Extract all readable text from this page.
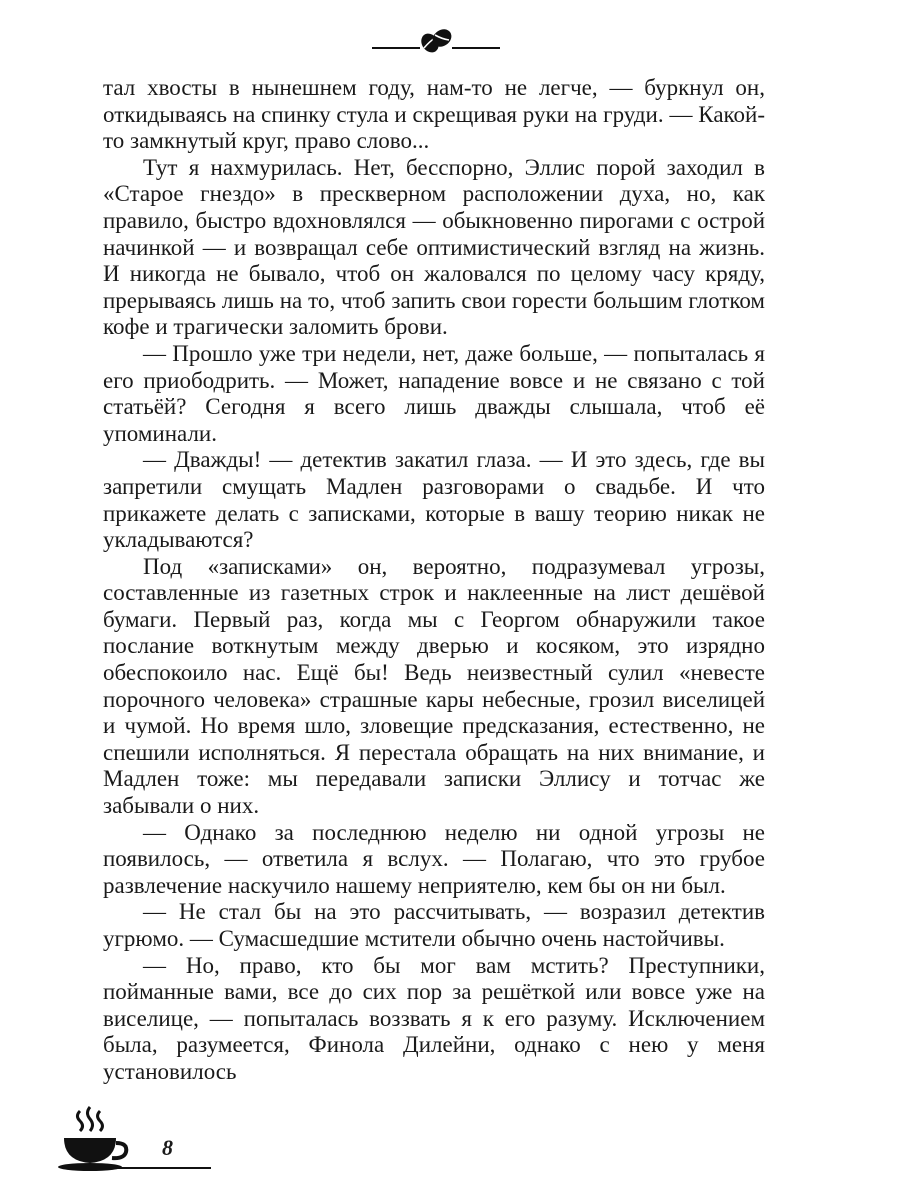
тал хвосты в нынешнем году, нам-то не легче, — буркнул он, откидываясь на спинку стула и скрещивая руки на груди. — Какой-то замкнутый круг, право слово...

Тут я нахмурилась. Нет, бесспорно, Эллис порой заходил в «Старое гнездо» в прескверном расположении духа, но, как правило, быстро вдохновлялся — обыкновенно пирогами с острой начинкой — и возвращал себе оптимистический взгляд на жизнь. И никогда не бывало, чтоб он жаловался по целому часу кряду, прерываясь лишь на то, чтоб запить свои горести большим глотком кофе и трагически заломить брови.

— Прошло уже три недели, нет, даже больше, — попыталась я его приободрить. — Может, нападение вовсе и не связано с той статьёй? Сегодня я всего лишь дважды слышала, чтоб её упоминали.

— Дважды! — детектив закатил глаза. — И это здесь, где вы запретили смущать Мадлен разговорами о свадьбе. И что прикажете делать с записками, которые в вашу теорию никак не укладываются?

Под «записками» он, вероятно, подразумевал угрозы, составленные из газетных строк и наклеенные на лист дешёвой бумаги. Первый раз, когда мы с Георгом обнаружили такое послание воткнутым между дверью и косяком, это изрядно обеспокоило нас. Ещё бы! Ведь неизвестный сулил «невесте порочного человека» страшные кары небесные, грозил виселицей и чумой. Но время шло, зловещие предсказания, естественно, не спешили исполняться. Я перестала обращать на них внимание, и Мадлен тоже: мы передавали записки Эллису и тотчас же забывали о них.

— Однако за последнюю неделю ни одной угрозы не появилось, — ответила я вслух. — Полагаю, что это грубое развлечение наскучило нашему неприятелю, кем бы он ни был.

— Не стал бы на это рассчитывать, — возразил детектив угрюмо. — Сумасшедшие мстители обычно очень настойчивы.

— Но, право, кто бы мог вам мстить? Преступники, пойманные вами, все до сих пор за решёткой или вовсе уже на виселице, — попыталась воззвать я к его разуму. Исключением была, разумеется, Финола Дилейни, однако с нею у меня установилось

8
